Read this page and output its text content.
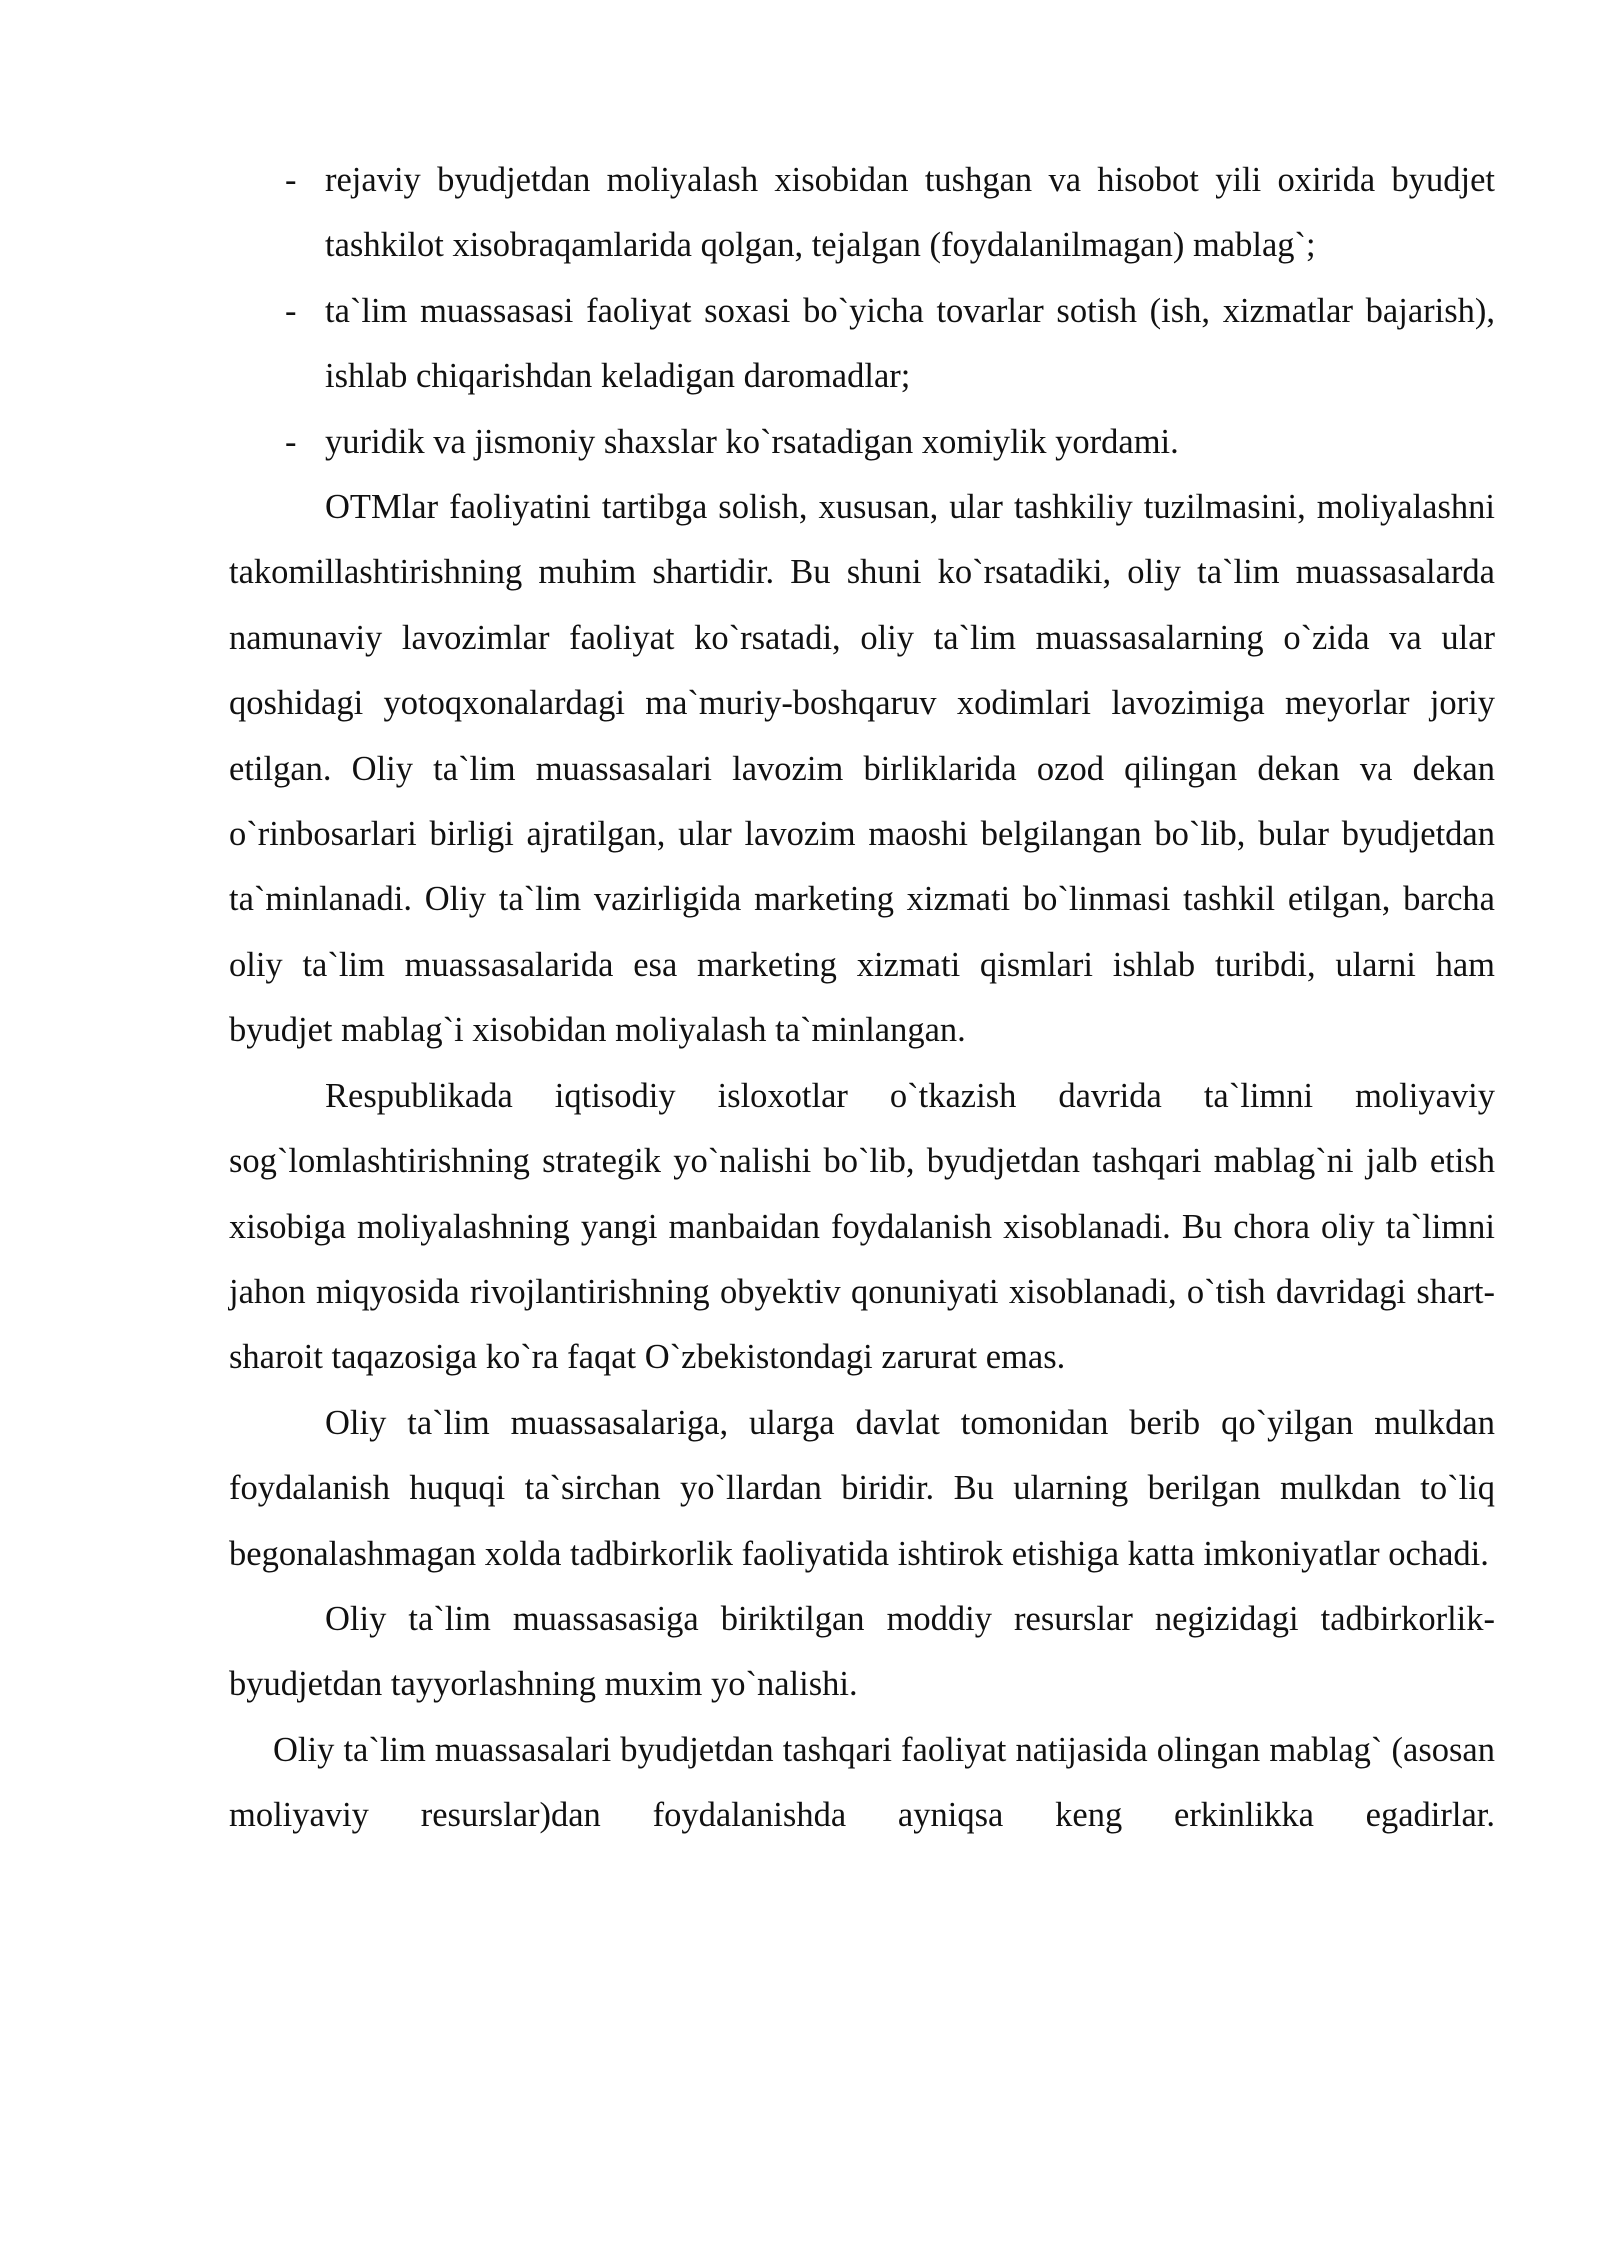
- rejaviy byudjetdan moliyalash xisobidan tushgan va hisobot yili oxirida byudjet tashkilot xisobraqamlarida qolgan, tejalgan (foydalanilmagan) mablag`;
- ta`lim muassasasi faoliyat soxasi bo`yicha tovarlar sotish (ish, xizmatlar bajarish), ishlab chiqarishdan keladigan daromadlar;
- yuridik va jismoniy shaxslar ko`rsatadigan xomiylik yordami.

OTMlar faoliyatini tartibga solish, xususan, ular tashkiliy tuzilmasini, moliyalashni takomillashtirishning muhim shartidir. Bu shuni ko`rsatadiki, oliy ta`lim muassasalarda namunaviy lavozimlar faoliyat ko`rsatadi, oliy ta`lim muassasalarning o`zida va ular qoshidagi yotoqxonalardagi ma`muriy-boshqaruv xodimlari lavozimiga meyorlar joriy etilgan. Oliy ta`lim muassasalari lavozim birliklarida ozod qilingan dekan va dekan o`rinbosarlari birligi ajratilgan, ular lavozim maoshi belgilangan bo`lib, bular byudjetdan ta`minlanadi. Oliy ta`lim vazirligida marketing xizmati bo`linmasi tashkil etilgan, barcha oliy ta`lim muassasalarida esa marketing xizmati qismlari ishlab turibdi, ularni ham byudjet mablag`i xisobidan moliyalash ta`minlangan.

Respublikada iqtisodiy isloxotlar o`tkazish davrida ta`limni moliyaviy sog`lomlashtirishning strategik yo`nalishi bo`lib, byudjetdan tashqari mablag`ni jalb etish xisobiga moliyalashning yangi manbaidan foydalanish xisoblanadi. Bu chora oliy ta`limni jahon miqyosida rivojlantirishning obyektiv qonuniyati xisoblanadi, o`tish davridagi shart-sharoit taqazosiga ko`ra faqat O`zbekistondagi zarurat emas.

Oliy ta`lim muassasalariga, ularga davlat tomonidan berib qo`yilgan mulkdan foydalanish huquqi ta`sirchan yo`llardan biridir. Bu ularning berilgan mulkdan to`liq begonalashmagan xolda tadbirkorlik faoliyatida ishtirok etishiga katta imkoniyatlar ochadi.

Oliy ta`lim muassasasiga biriktilgan moddiy resurslar negizidagi tadbirkorlik-byudjetdan tayyorlashning muxim yo`nalishi.

Oliy ta`lim muassasalari byudjetdan tashqari faoliyat natijasida olingan mablag` (asosan moliyaviy resurslar)dan foydalanishda ayniqsa keng erkinlikka egadirlar.
